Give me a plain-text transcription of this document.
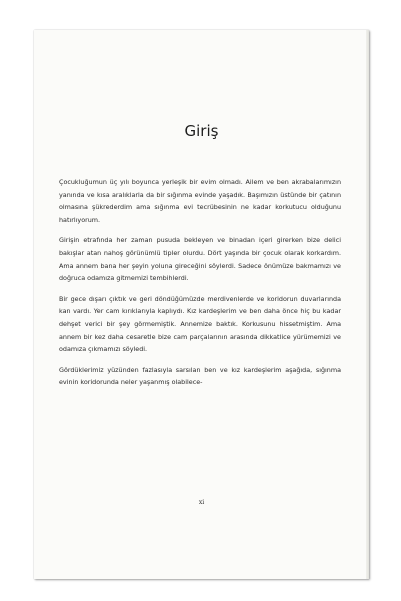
Giriş

Çocukluğumun üç yılı boyunca yerleşik bir evim olmadı. Ailem ve ben akrabalarımızın yanında ve kısa aralıklarla da bir sığınma evinde yaşadık. Başımızın üstünde bir çatının olmasına şükrederdim ama sığınma evi tecrübesinin ne kadar korkutucu olduğunu hatırlıyorum.

Girişin etrafında her zaman pusuda bekleyen ve binadan içeri girerken bize delici bakışlar atan nahoş görünümlü tipler olurdu. Dört yaşında bir çocuk olarak korkardım. Ama annem bana her şeyin yoluna gireceğini söylerdi. Sadece önümüze bakmamızı ve doğruca odamıza gitmemizi tembihlerdi.

Bir gece dışarı çıktık ve geri döndüğümüzde merdivenlerde ve koridorun duvarlarında kan vardı. Yer cam kırıklarıyla kaplıydı. Kız kardeşlerim ve ben daha önce hiç bu kadar dehşet verici bir şey görmemiştik. Annemize baktık. Korkusunu hissetmiştim. Ama annem bir kez daha cesaretle bize cam parçalarının arasında dikkatlice yürümemizi ve odamıza çıkmamızı söyledi.

Gördüklerimiz yüzünden fazlasıyla sarsılan ben ve kız kardeşlerim aşağıda, sığınma evinin koridorunda neler yaşanmış olabilece-

xi
